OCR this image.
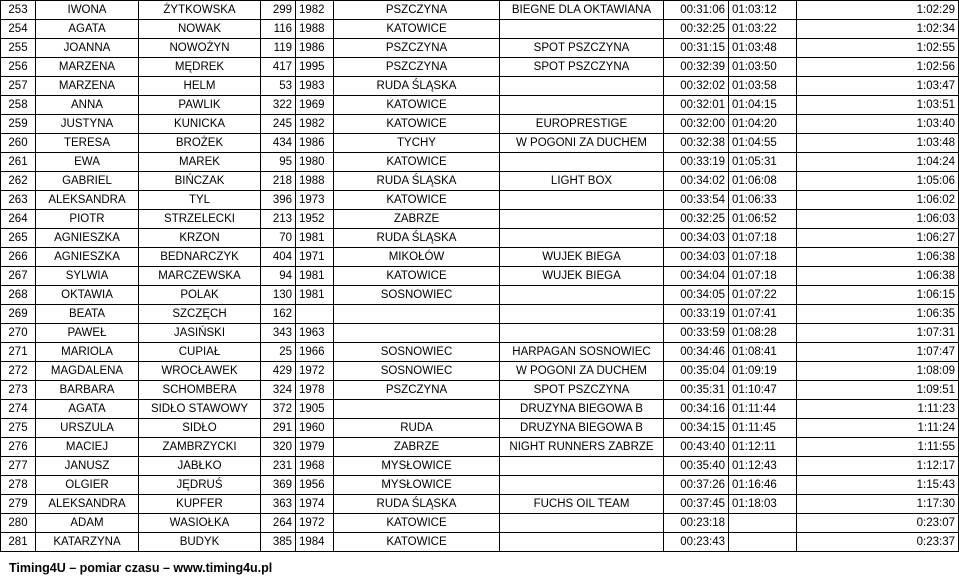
253	IWONA	ŻYTKOWSKA	299	1982	PSZCZYNA	BIEGNE DLA OKTAWIANA	00:31:06	01:03:12	1:02:29
254	AGATA	NOWAK	116	1988	KATOWICE		00:32:25	01:03:22	1:02:34
255	JOANNA	NOWOŻYN	119	1986	PSZCZYNA	SPOT PSZCZYNA	00:31:15	01:03:48	1:02:55
256	MARZENA	MĘDREK	417	1995	PSZCZYNA	SPOT PSZCZYNA	00:32:39	01:03:50	1:02:56
257	MARZENA	HELM	53	1983	RUDA ŚLĄSKA		00:32:02	01:03:58	1:03:47
258	ANNA	PAWLIK	322	1969	KATOWICE		00:32:01	01:04:15	1:03:51
259	JUSTYNA	KUNICKA	245	1982	KATOWICE	EUROPRESTIGE	00:32:00	01:04:20	1:03:40
260	TERESA	BROŻEK	434	1986	TYCHY	W POGONI ZA DUCHEM	00:32:38	01:04:55	1:03:48
261	EWA	MAREK	95	1980	KATOWICE		00:33:19	01:05:31	1:04:24
262	GABRIEL	BIŃCZAK	218	1988	RUDA ŚLĄSKA	LIGHT BOX	00:34:02	01:06:08	1:05:06
263	ALEKSANDRA	TYL	396	1973	KATOWICE		00:33:54	01:06:33	1:06:02
264	PIOTR	STRZELECKI	213	1952	ZABRZE		00:32:25	01:06:52	1:06:03
265	AGNIESZKA	KRZON	70	1981	RUDA ŚLĄSKA		00:34:03	01:07:18	1:06:27
266	AGNIESZKA	BEDNARCZYK	404	1971	MIKOŁÓW	WUJEK BIEGA	00:34:03	01:07:18	1:06:38
267	SYLWIA	MARCZEWSKA	94	1981	KATOWICE	WUJEK BIEGA	00:34:04	01:07:18	1:06:38
268	OKTAWIA	POLAK	130	1981	SOSNOWIEC		00:34:05	01:07:22	1:06:15
269	BEATA	SZCZĘCH	162				00:33:19	01:07:41	1:06:35
270	PAWEŁ	JASIŃSKI	343	1963			00:33:59	01:08:28	1:07:31
271	MARIOLA	CUPIAŁ	25	1966	SOSNOWIEC	HARPAGAN SOSNOWIEC	00:34:46	01:08:41	1:07:47
272	MAGDALENA	WROCŁAWEK	429	1972	SOSNOWIEC	W POGONI ZA DUCHEM	00:35:04	01:09:19	1:08:09
273	BARBARA	SCHOMBERA	324	1978	PSZCZYNA	SPOT PSZCZYNA	00:35:31	01:10:47	1:09:51
274	AGATA	SIDŁO STAWOWY	372	1905		DRUZYNA BIEGOWA B	00:34:16	01:11:44	1:11:23
275	URSZULA	SIDŁO	291	1960	RUDA	DRUZYNA BIEGOWA B	00:34:15	01:11:45	1:11:24
276	MACIEJ	ZAMBRZYCKI	320	1979	ZABRZE	NIGHT RUNNERS ZABRZE	00:43:40	01:12:11	1:11:55
277	JANUSZ	JABŁKO	231	1968	MYSŁOWICE		00:35:40	01:12:43	1:12:17
278	OLGIER	JĘDRUŚ	369	1956	MYSŁOWICE		00:37:26	01:16:46	1:15:43
279	ALEKSANDRA	KUPFER	363	1974	RUDA ŚLĄSKA	FUCHS OIL TEAM	00:37:45	01:18:03	1:17:30
280	ADAM	WASIOŁKA	264	1972	KATOWICE		00:23:18		0:23:07
281	KATARZYNA	BUDYK	385	1984	KATOWICE		00:23:43		0:23:37
Timing4U – pomiar czasu – www.timing4u.pl
